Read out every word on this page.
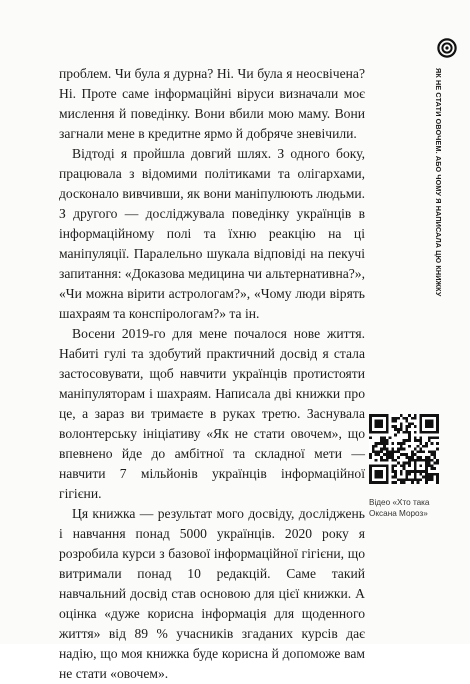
ЯК НЕ СТАТИ ОВОЧЕМ. АБО ЧОМУ Я НАПИСАЛА ЦЮ КНИЖКУ

проблем. Чи була я дурна? Ні. Чи була я неосвічена? Ні. Проте саме інформаційні віруси визначали моє мислення й поведінку. Вони вбили мою маму. Вони загнали мене в кредитне ярмо й добряче зневічили.

Відтоді я пройшла довгий шлях. З одного боку, працювала з відомими політиками та олігархами, досконало вивчивши, як вони маніпулюють людьми. З другого — досліджувала поведінку українців в інформаційному полі та їхню реакцію на ці маніпуляції. Паралельно шукала відповіді на пекучі запитання: «Доказова медицина чи альтернативна?», «Чи можна вірити астрологам?», «Чому люди вірять шахраям та конспірологам?» та ін.

Восени 2019-го для мене почалося нове життя. Набиті гулі та здобутий практичний досвід я стала застосовувати, щоб навчити українців протистояти маніпуляторам і шахраям. Написала дві книжки про це, а зараз ви тримаєте в руках третю. Заснувала волонтерську ініціативу «Як не стати овочем», що впевнено йде до амбітної та складної мети — навчити 7 мільйонів українців інформаційної гігієни.

Ця книжка — результат мого досвіду, досліджень і навчання понад 5000 українців. 2020 року я розробила курси з базової інформаційної гігієни, що витримали понад 10 редакцій. Саме такий навчальний досвід став основою для цієї книжки. А оцінка «дуже корисна інформація для щоденного життя» від 89 % учасників згаданих курсів дає надію, що моя книжка буде корисна й допоможе вам не стати «овочем».

Відео «Хто така
Оксана Мороз»
